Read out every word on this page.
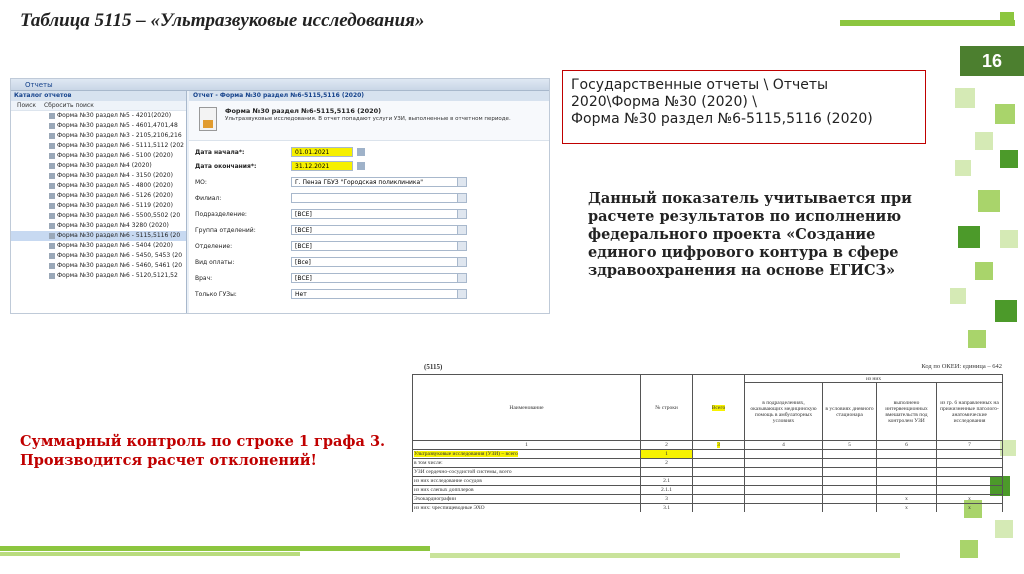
Таблица 5115 – «Ультразвуковые исследования»
16
Отчеты
Каталог отчетов
Поиск Сбросить поиск
Форма №30 раздел №5 - 4201(2020)
Форма №30 раздел №5 - 4601,4701,48
Форма №30 раздел №3 - 2105,2106,216
Форма №30 раздел №6 - 5111,5112 (202
Форма №30 раздел №6 - 5100 (2020)
Форма №30 раздел №4 (2020)
Форма №30 раздел №4 - 3150 (2020)
Форма №30 раздел №5 - 4800 (2020)
Форма №30 раздел №6 - 5126 (2020)
Форма №30 раздел №6 - 5119 (2020)
Форма №30 раздел №6 - 5500,5502 (20
Форма №30 раздел №4 3280 (2020)
Форма №30 раздел №6 - 5115,5116 (20
Форма №30 раздел №6 - 5404 (2020)
Форма №30 раздел №6 - 5450, 5453 (20
Форма №30 раздел №6 - 5460, 5461 (20
Форма №30 раздел №6 - 5120,5121,52
Отчет - Форма №30 раздел №6-5115,5116 (2020)
Форма №30 раздел №6-5115,5116 (2020)
Ультразвуковые исследования. В отчет попадают услуги УЗИ, выполненные в отчетном периоде.
Дата начала*:	01.01.2021
Дата окончания*:	31.12.2021
МО:	Г. Пенза ГБУЗ "Городская поликлиника"
Филиал:
Подразделение:	[ВСЕ]
Группа отделений:	[ВСЕ]
Отделение:	[ВСЕ]
Вид оплаты:	[Все]
Врач:	[ВСЕ]
Только ГУЗы:	Нет
Государственные отчеты \ Отчеты
2020\Форма №30 (2020) \
Форма №30 раздел №6-5115,5116 (2020)
Данный показатель учитывается при расчете результатов по исполнению федерального проекта «Создание единого цифрового контура в сфере здравоохранения на основе ЕГИСЗ»
Суммарный контроль по строке 1 графа 3.
Производится расчет отклонений!
(5115)	Код по ОКЕИ: единица – 642
Наименование	№ строки	Всего	из них			
			в подразделениях, оказывающих медицинскую помощь в амбулаторных условиях	в условиях дневного стационара	выполнено интервенционных вмешательств под контролем УЗИ	из гр. 6 направленных на прижизненные патолого-анатомические исследования
1	2	3	4	5	6	7
Ультразвуковые исследования (УЗИ) – всего	1					
в том числе:	2					
УЗИ сердечно-сосудистой системы, всего						
из них исследование сосудов	2.1					
из них слепых допплеров	2.1.1					
Эхокардиографии	3				х	х
из них: чреспищеводные ЭХО	3.1				х	х
